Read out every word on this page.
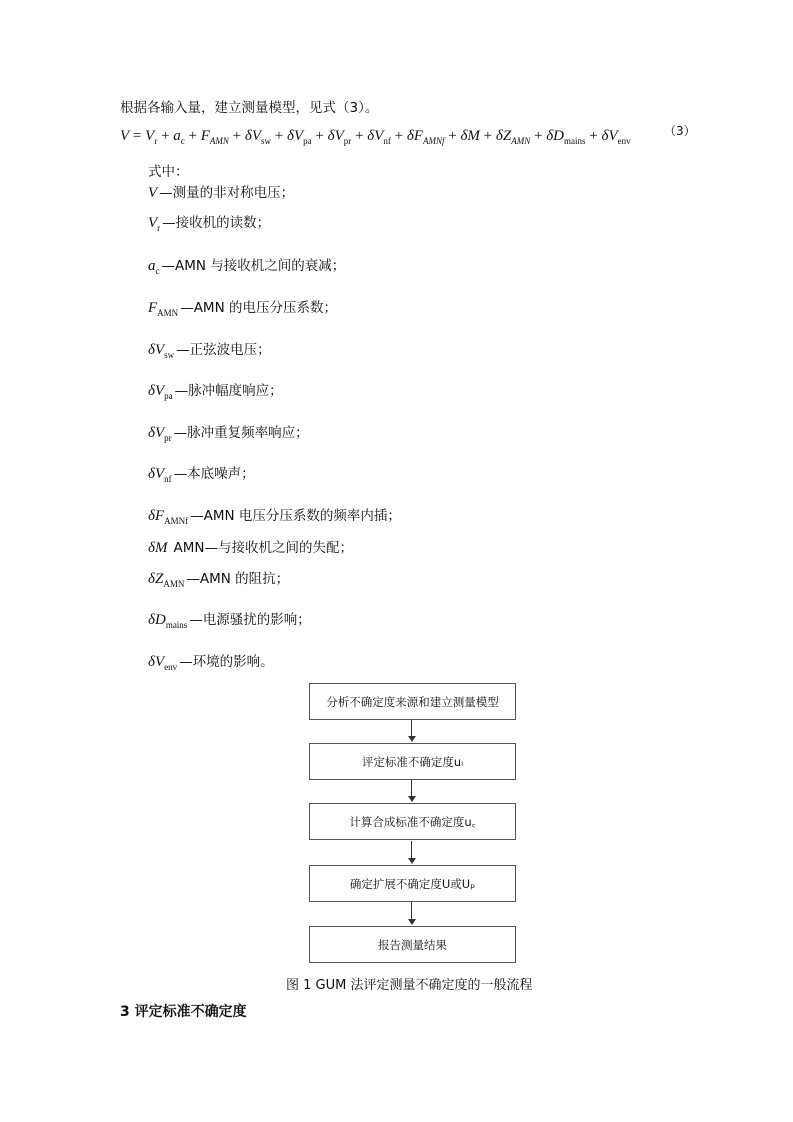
根据各输入量，建立测量模型，见式（3）。
$V = V_r + a_c + F_{AMN} + \delta V_{sw} + \delta V_{pa} + \delta V_{pr} + \delta V_{nf} + \delta F_{AMNf} + \delta M + \delta Z_{AMN} + \delta D_{mains} + \delta V_{env}$
（3）
式中：
V —测量的非对称电压；
$V_r$ —接收机的读数；
$a_c$ —AMN 与接收机之间的衰减；
$F_{AMN}$ —AMN 的电压分压系数；
$\delta V_{sw}$ —正弦波电压；
$\delta V_{pa}$ —脉冲幅度响应；
$\delta V_{pr}$ —脉冲重复频率响应；
$\delta V_{nf}$ —本底噪声；
$\delta F_{AMNf}$ —AMN 电压分压系数的频率内插；
δM AMN—与接收机之间的失配；
$\delta Z_{AMN}$ —AMN 的阻抗；
$\delta D_{mains}$ —电源骚扰的影响；
$\delta V_{env}$ —环境的影响。
分析不确定度来源和建立测量模型
评定标准不确定度uᵢ
计算合成标准不确定度u꜀
确定扩展不确定度U或Uₚ
报告测量结果
图 1 GUM 法评定测量不确定度的一般流程
3 评定标准不确定度
